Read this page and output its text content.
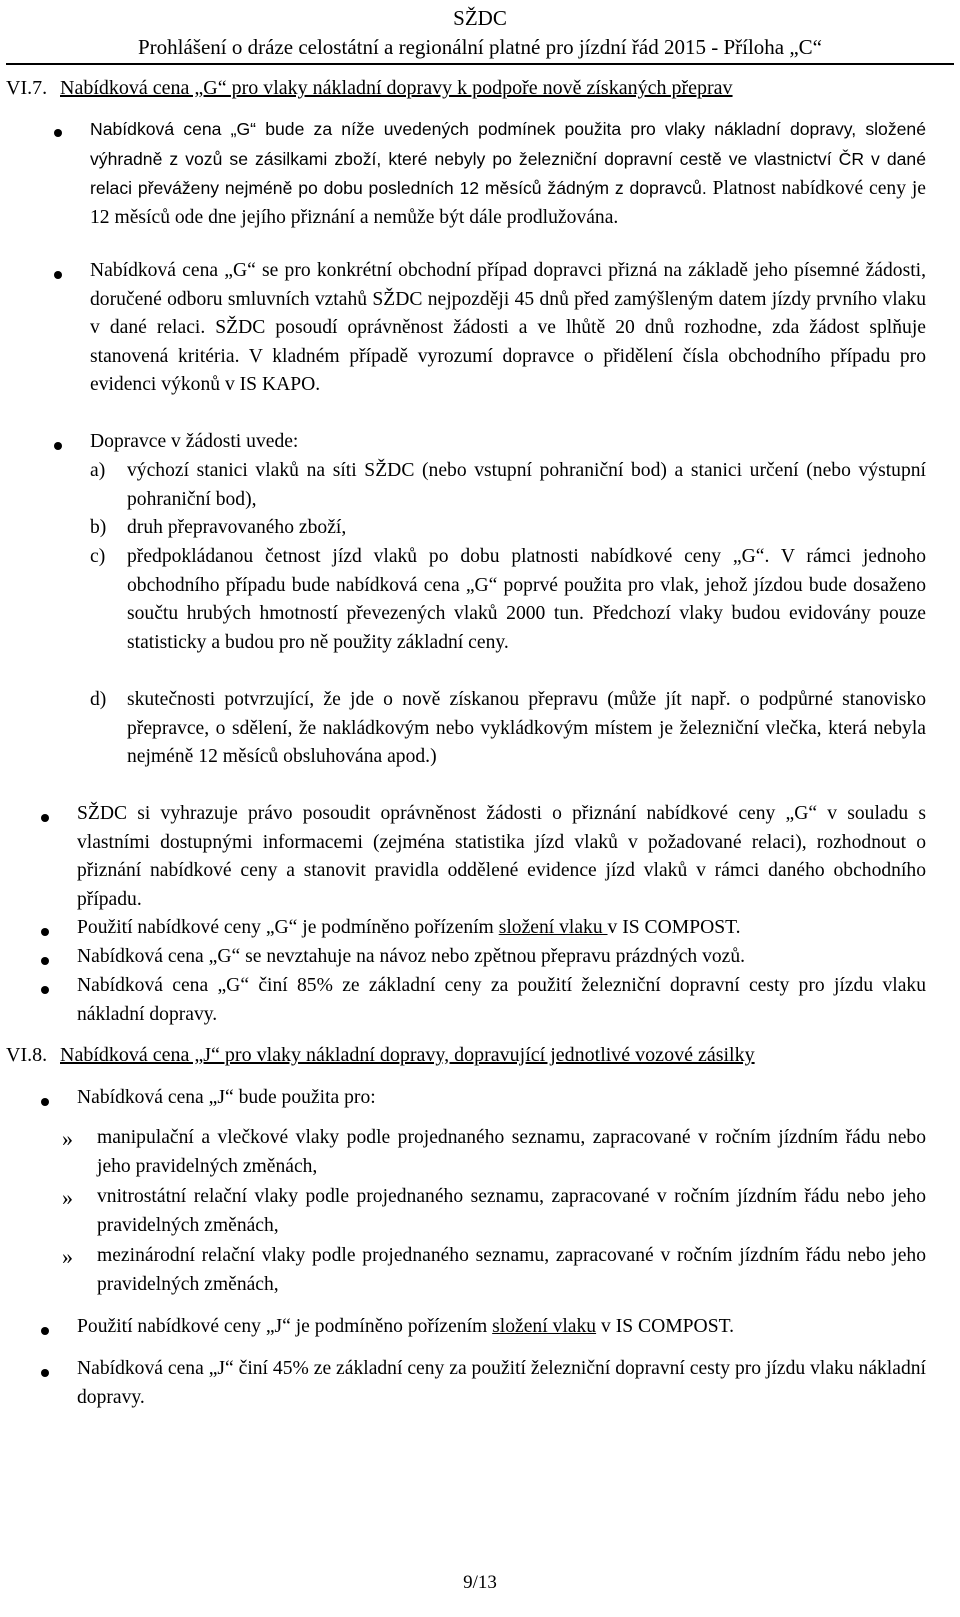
SŽDC
Prohlášení o dráze celostátní a regionální platné pro jízdní řád 2015 - Příloha „C“
VI.7. Nabídková cena „G“ pro vlaky nákladní dopravy k podpoře nově získaných přeprav
Nabídková cena „G“ bude za níže uvedených podmínek použita pro vlaky nákladní dopravy, složené výhradně z vozů se zásilkami zboží, které nebyly po železniční dopravní cestě ve vlastnictví ČR v dané relaci převáženy nejméně po dobu posledních 12 měsíců žádným z dopravců. Platnost nabídkové ceny je 12 měsíců ode dne jejího přiznání a nemůže být dále prodlužována.
Nabídková cena „G“ se pro konkrétní obchodní případ dopravci přizná na základě jeho písemné žádosti, doručené odboru smluvních vztahů SŽDC nejpozději 45 dnů před zamýšleným datem jízdy prvního vlaku v dané relaci. SŽDC posoudí oprávněnost žádosti a ve lhůtě 20 dnů rozhodne, zda žádost splňuje stanovená kritéria. V kladném případě vyrozumí dopravce o přidělení čísla obchodního případu pro evidenci výkonů v IS KAPO.
Dopravce v žádosti uvede:
a) výchozí stanici vlaků na síti SŽDC (nebo vstupní pohraniční bod) a stanici určení (nebo výstupní pohraniční bod),
b) druh přepravovaného zboží,
c) předpokládanou četnost jízd vlaků po dobu platnosti nabídkové ceny „G“. V rámci jednoho obchodního případu bude nabídková cena „G“ poprvé použita pro vlak, jehož jízdou bude dosaženo součtu hrubých hmotností převezených vlaků 2000 tun. Předchozí vlaky budou evidovány pouze statisticky a budou pro ně použity základní ceny.
d) skutečnosti potvrzující, že jde o nově získanou přepravu (může jít např. o podpůrné stanovisko přepravce, o sdělení, že nakládkovým nebo vykládkovým místem je železniční vlečka, která nebyla nejméně 12 měsíců obsluhována apod.)
SŽDC si vyhrazuje právo posoudit oprávněnost žádosti o přiznání nabídkové ceny „G“ v souladu s vlastními dostupnými informacemi (zejména statistika jízd vlaků v požadované relaci), rozhodnout o přiznání nabídkové ceny a stanovit pravidla oddělené evidence jízd vlaků v rámci daného obchodního případu.
Použití nabídkové ceny „G“ je podmíněno pořízením složení vlaku v IS COMPOST.
Nabídková cena „G“ se nevztahuje na návoz nebo zpětnou přepravu prázdných vozů.
Nabídková cena „G“ činí 85% ze základní ceny za použití železniční dopravní cesty pro jízdu vlaku nákladní dopravy.
VI.8. Nabídková cena „J“ pro vlaky nákladní dopravy, dopravující jednotlivé vozové zásilky
Nabídková cena „J“ bude použita pro:
» manipulační a vlečkové vlaky podle projednaného seznamu, zapracované v ročním jízdním řádu nebo jeho pravidelných změnách,
» vnitrostátní relační vlaky podle projednaného seznamu, zapracované v ročním jízdním řádu nebo jeho pravidelných změnách,
» mezinárodní relační vlaky podle projednaného seznamu, zapracované v ročním jízdním řádu nebo jeho pravidelných změnách,
Použití nabídkové ceny „J“ je podmíněno pořízením složení vlaku v IS COMPOST.
Nabídková cena „J“ činí 45% ze základní ceny za použití železniční dopravní cesty pro jízdu vlaku nákladní dopravy.
9/13
